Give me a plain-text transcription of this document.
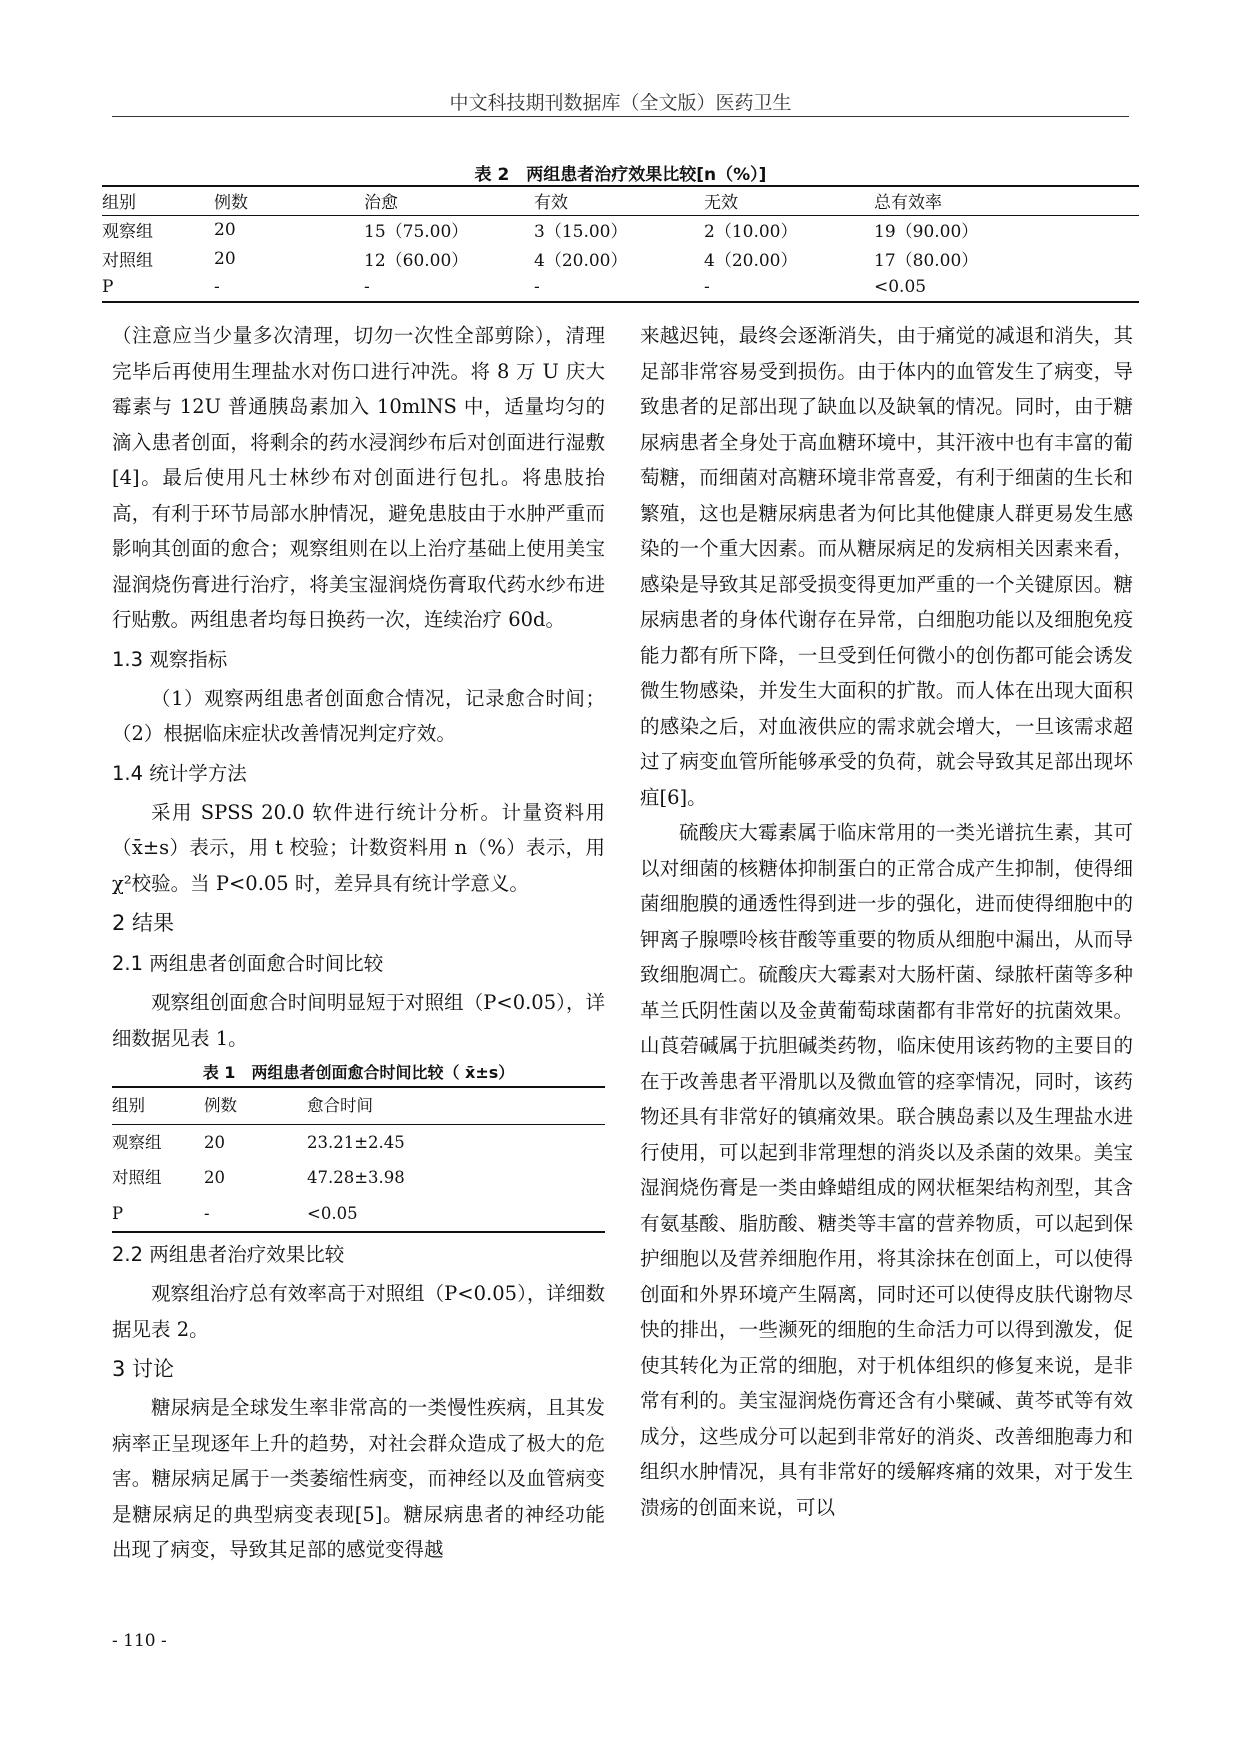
中文科技期刊数据库（全文版）医药卫生
表 2　两组患者治疗效果比较[n（%）]
组别	例数	治愈	有效	无效	总有效率
观察组	20	15（75.00）	3（15.00）	2（10.00）	19（90.00）
对照组	20	12（60.00）	4（20.00）	4（20.00）	17（80.00）
P	-	-	-	-	<0.05

（注意应当少量多次清理，切勿一次性全部剪除），清理完毕后再使用生理盐水对伤口进行冲洗。将 8 万 U 庆大霉素与 12U 普通胰岛素加入 10mlNS 中，适量均匀的滴入患者创面，将剩余的药水浸润纱布后对创面进行湿敷[4]。最后使用凡士林纱布对创面进行包扎。将患肢抬高，有利于环节局部水肿情况，避免患肢由于水肿严重而影响其创面的愈合；观察组则在以上治疗基础上使用美宝湿润烧伤膏进行治疗，将美宝湿润烧伤膏取代药水纱布进行贴敷。两组患者均每日换药一次，连续治疗 60d。

1.3 观察指标

（1）观察两组患者创面愈合情况，记录愈合时间；（2）根据临床症状改善情况判定疗效。

1.4 统计学方法

采用 SPSS 20.0 软件进行统计分析。计量资料用（x̄±s）表示，用 t 校验；计数资料用 n（%）表示，用χ²校验。当 P<0.05 时，差异具有统计学意义。

2 结果
2.1 两组患者创面愈合时间比较

观察组创面愈合时间明显短于对照组（P<0.05），详细数据见表 1。

表 1　两组患者创面愈合时间比较（ x̄±s）
组别	例数	愈合时间
观察组	20	23.21±2.45
对照组	20	47.28±3.98
P	-	<0.05
2.2 两组患者治疗效果比较

观察组治疗总有效率高于对照组（P<0.05），详细数据见表 2。

3 讨论

糖尿病是全球发生率非常高的一类慢性疾病，且其发病率正呈现逐年上升的趋势，对社会群众造成了极大的危害。糖尿病足属于一类萎缩性病变，而神经以及血管病变是糖尿病足的典型病变表现[5]。糖尿病患者的神经功能出现了病变，导致其足部的感觉变得越

来越迟钝，最终会逐渐消失，由于痛觉的减退和消失，其足部非常容易受到损伤。由于体内的血管发生了病变，导致患者的足部出现了缺血以及缺氧的情况。同时，由于糖尿病患者全身处于高血糖环境中，其汗液中也有丰富的葡萄糖，而细菌对高糖环境非常喜爱，有利于细菌的生长和繁殖，这也是糖尿病患者为何比其他健康人群更易发生感染的一个重大因素。而从糖尿病足的发病相关因素来看，感染是导致其足部受损变得更加严重的一个关键原因。糖尿病患者的身体代谢存在异常，白细胞功能以及细胞免疫能力都有所下降，一旦受到任何微小的创伤都可能会诱发微生物感染，并发生大面积的扩散。而人体在出现大面积的感染之后，对血液供应的需求就会增大，一旦该需求超过了病变血管所能够承受的负荷，就会导致其足部出现坏疽[6]。

硫酸庆大霉素属于临床常用的一类光谱抗生素，其可以对细菌的核糖体抑制蛋白的正常合成产生抑制，使得细菌细胞膜的通透性得到进一步的强化，进而使得细胞中的钾离子腺嘌呤核苷酸等重要的物质从细胞中漏出，从而导致细胞凋亡。硫酸庆大霉素对大肠杆菌、绿脓杆菌等多种革兰氏阴性菌以及金黄葡萄球菌都有非常好的抗菌效果。山莨菪碱属于抗胆碱类药物，临床使用该药物的主要目的在于改善患者平滑肌以及微血管的痉挛情况，同时，该药物还具有非常好的镇痛效果。联合胰岛素以及生理盐水进行使用，可以起到非常理想的消炎以及杀菌的效果。美宝湿润烧伤膏是一类由蜂蜡组成的网状框架结构剂型，其含有氨基酸、脂肪酸、糖类等丰富的营养物质，可以起到保护细胞以及营养细胞作用，将其涂抹在创面上，可以使得创面和外界环境产生隔离，同时还可以使得皮肤代谢物尽快的排出，一些濒死的细胞的生命活力可以得到激发，促使其转化为正常的细胞，对于机体组织的修复来说，是非常有利的。美宝湿润烧伤膏还含有小檗碱、黄芩甙等有效成分，这些成分可以起到非常好的消炎、改善细胞毒力和组织水肿情况，具有非常好的缓解疼痛的效果，对于发生溃疡的创面来说，可以

- 110 -
